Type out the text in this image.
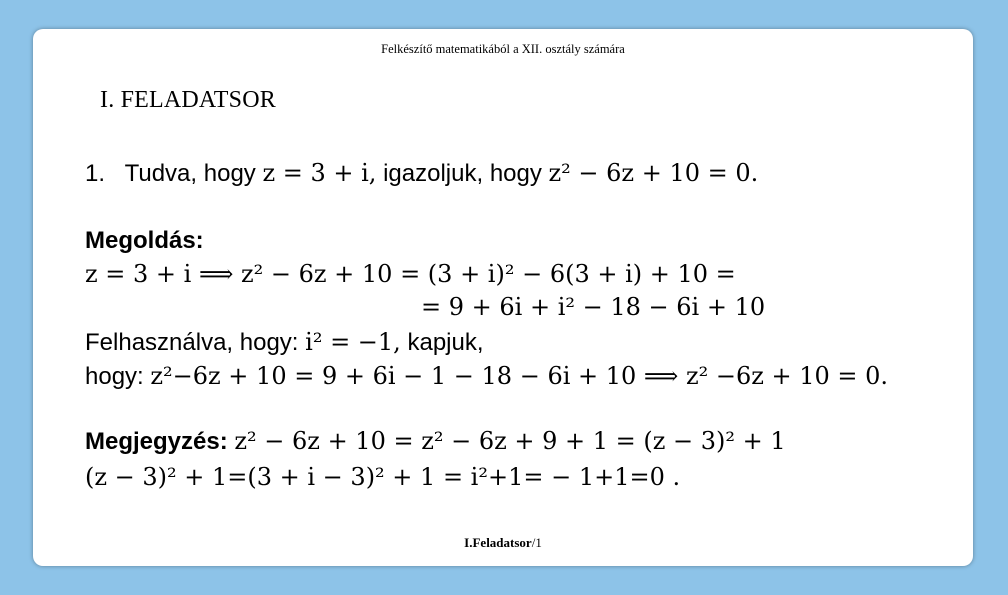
Felkészítő matematikából a XII. osztály számára
I. FELADATSOR
1. Tudva, hogy z = 3 + i, igazoljuk, hogy z² − 6z + 10 = 0.
Megoldás:
z = 3 + i ⟹ z² − 6z + 10 = (3 + i)² − 6(3 + i) + 10 =
= 9 + 6i + i² − 18 − 6i + 10
Felhasználva, hogy: i² = −1, kapjuk,
hogy: z²−6z + 10 = 9 + 6i − 1 − 18 − 6i + 10 ⟹ z² −6z + 10 = 0.
Megjegyzés: z² − 6z + 10 = z² − 6z + 9 + 1 = (z − 3)² + 1
(z − 3)² + 1=(3 + i − 3)² + 1 = i²+1= − 1+1=0 .
I.Feladatsor/1
